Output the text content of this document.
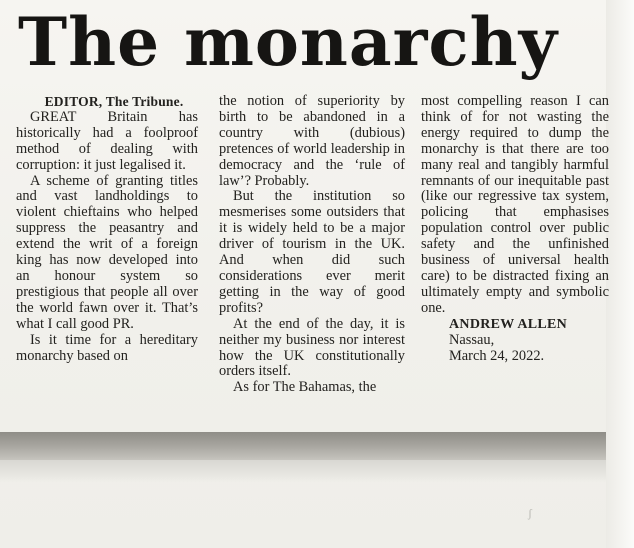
The monarchy

EDITOR, The Tribune.

GREAT Britain has historically had a foolproof method of dealing with corruption: it just legalised it.

A scheme of granting titles and vast landholdings to violent chieftains who helped suppress the peasantry and extend the writ of a foreign king has now developed into an honour system so prestigious that people all over the world fawn over it. That’s what I call good PR.

Is it time for a hereditary monarchy based on

the notion of superiority by birth to be abandoned in a country with (dubious) pretences of world leadership in democracy and the ‘rule of law’? Probably.

But the institution so mesmerises some outsiders that it is widely held to be a major driver of tourism in the UK. And when did such considerations ever merit getting in the way of good profits?

At the end of the day, it is neither my business nor interest how the UK constitutionally orders itself.

As for The Bahamas, the

most compelling reason I can think of for not wasting the energy required to dump the monarchy is that there are too many real and tangibly harmful remnants of our inequitable past (like our regressive tax system, policing that emphasises population control over public safety and the unfinished business of universal health care) to be distracted fixing an ultimately empty and symbolic one.

ANDREW ALLEN

Nassau,

March 24, 2022.

ʃ
